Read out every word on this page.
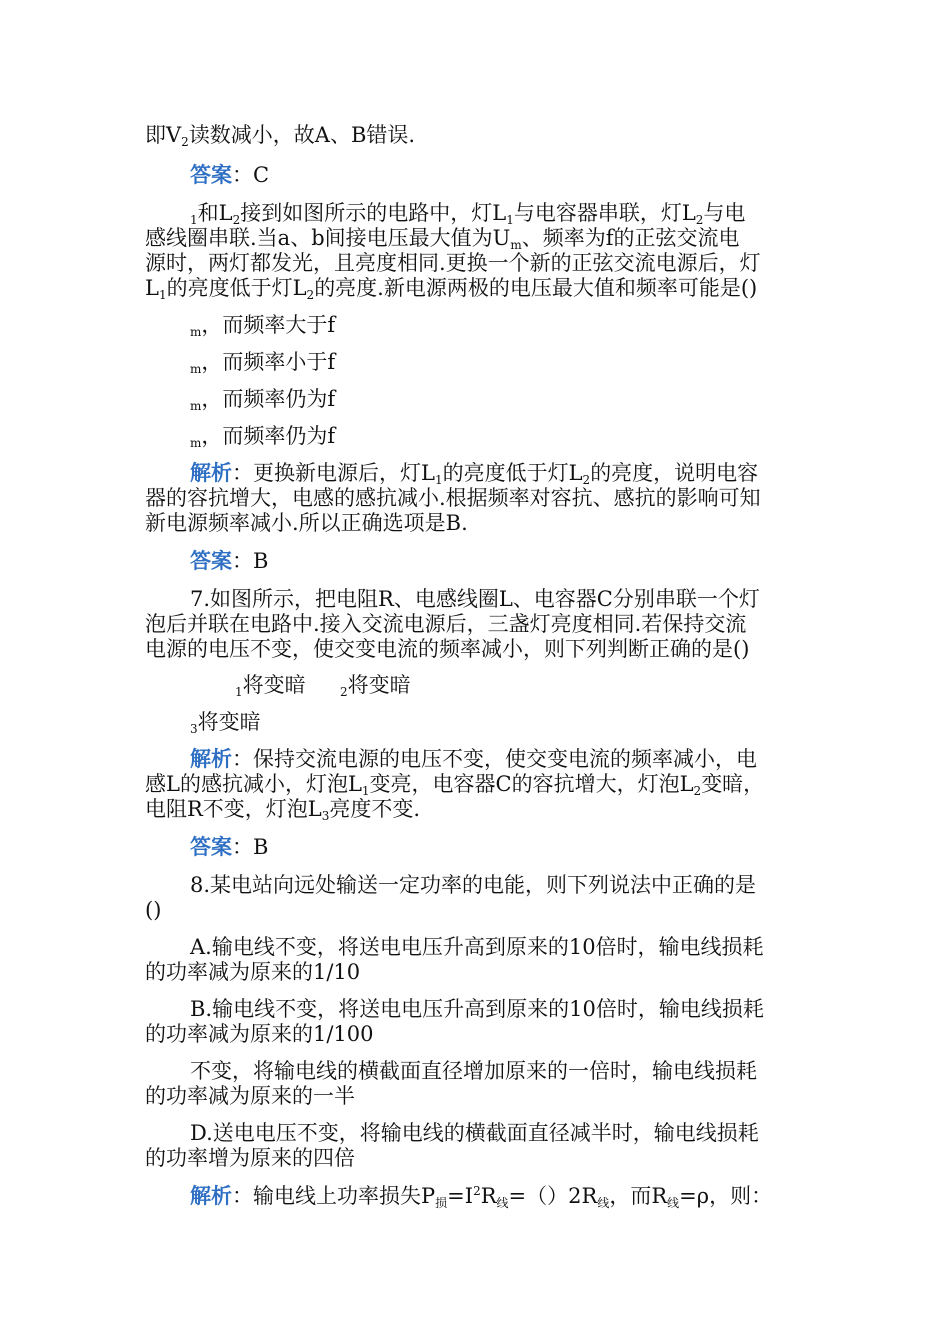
即$V_2$读数减小，故A、B错误.
答案：C
$_1$和$L_2$接到如图所示的电路中，灯$L_1$与电容器串联，灯$L_2$与电
感线圈串联.当a、b间接电压最大值为$U_m$、频率为f的正弦交流电
源时，两灯都发光，且亮度相同.更换一个新的正弦交流电源后，灯
$L_1$的亮度低于灯$L_2$的亮度.新电源两极的电压最大值和频率可能是()
$_m$，而频率大于f
$_m$，而频率小于f
$_m$，而频率仍为f
$_m$，而频率仍为f
解析：更换新电源后，灯$L_1$的亮度低于灯$L_2$的亮度，说明电容
器的容抗增大，电感的感抗减小.根据频率对容抗、感抗的影响可知
新电源频率减小.所以正确选项是B.
答案：B
7.如图所示，把电阻R、电感线圈L、电容器C分别串联一个灯
泡后并联在电路中.接入交流电源后，三盏灯亮度相同.若保持交流
电源的电压不变，使交变电流的频率减小，则下列判断正确的是()
$_1$将变暗	$_2$将变暗
$_3$将变暗
解析：保持交流电源的电压不变，使交变电流的频率减小，电
感L的感抗减小，灯泡$L_1$变亮，电容器C的容抗增大，灯泡$L_2$变暗，
电阻R不变，灯泡$L_3$亮度不变.
答案：B
8.某电站向远处输送一定功率的电能，则下列说法中正确的是
()
A.输电线不变，将送电电压升高到原来的10倍时，输电线损耗
的功率减为原来的1/10
B.输电线不变，将送电电压升高到原来的10倍时，输电线损耗
的功率减为原来的1/100
不变，将输电线的横截面直径增加原来的一倍时，输电线损耗
的功率减为原来的一半
D.送电电压不变，将输电线的横截面直径减半时，输电线损耗
的功率增为原来的四倍
解析：输电线上功率损失$P_损=I^2R_线=()2R_线$，而$R_线=\rho$，则：
